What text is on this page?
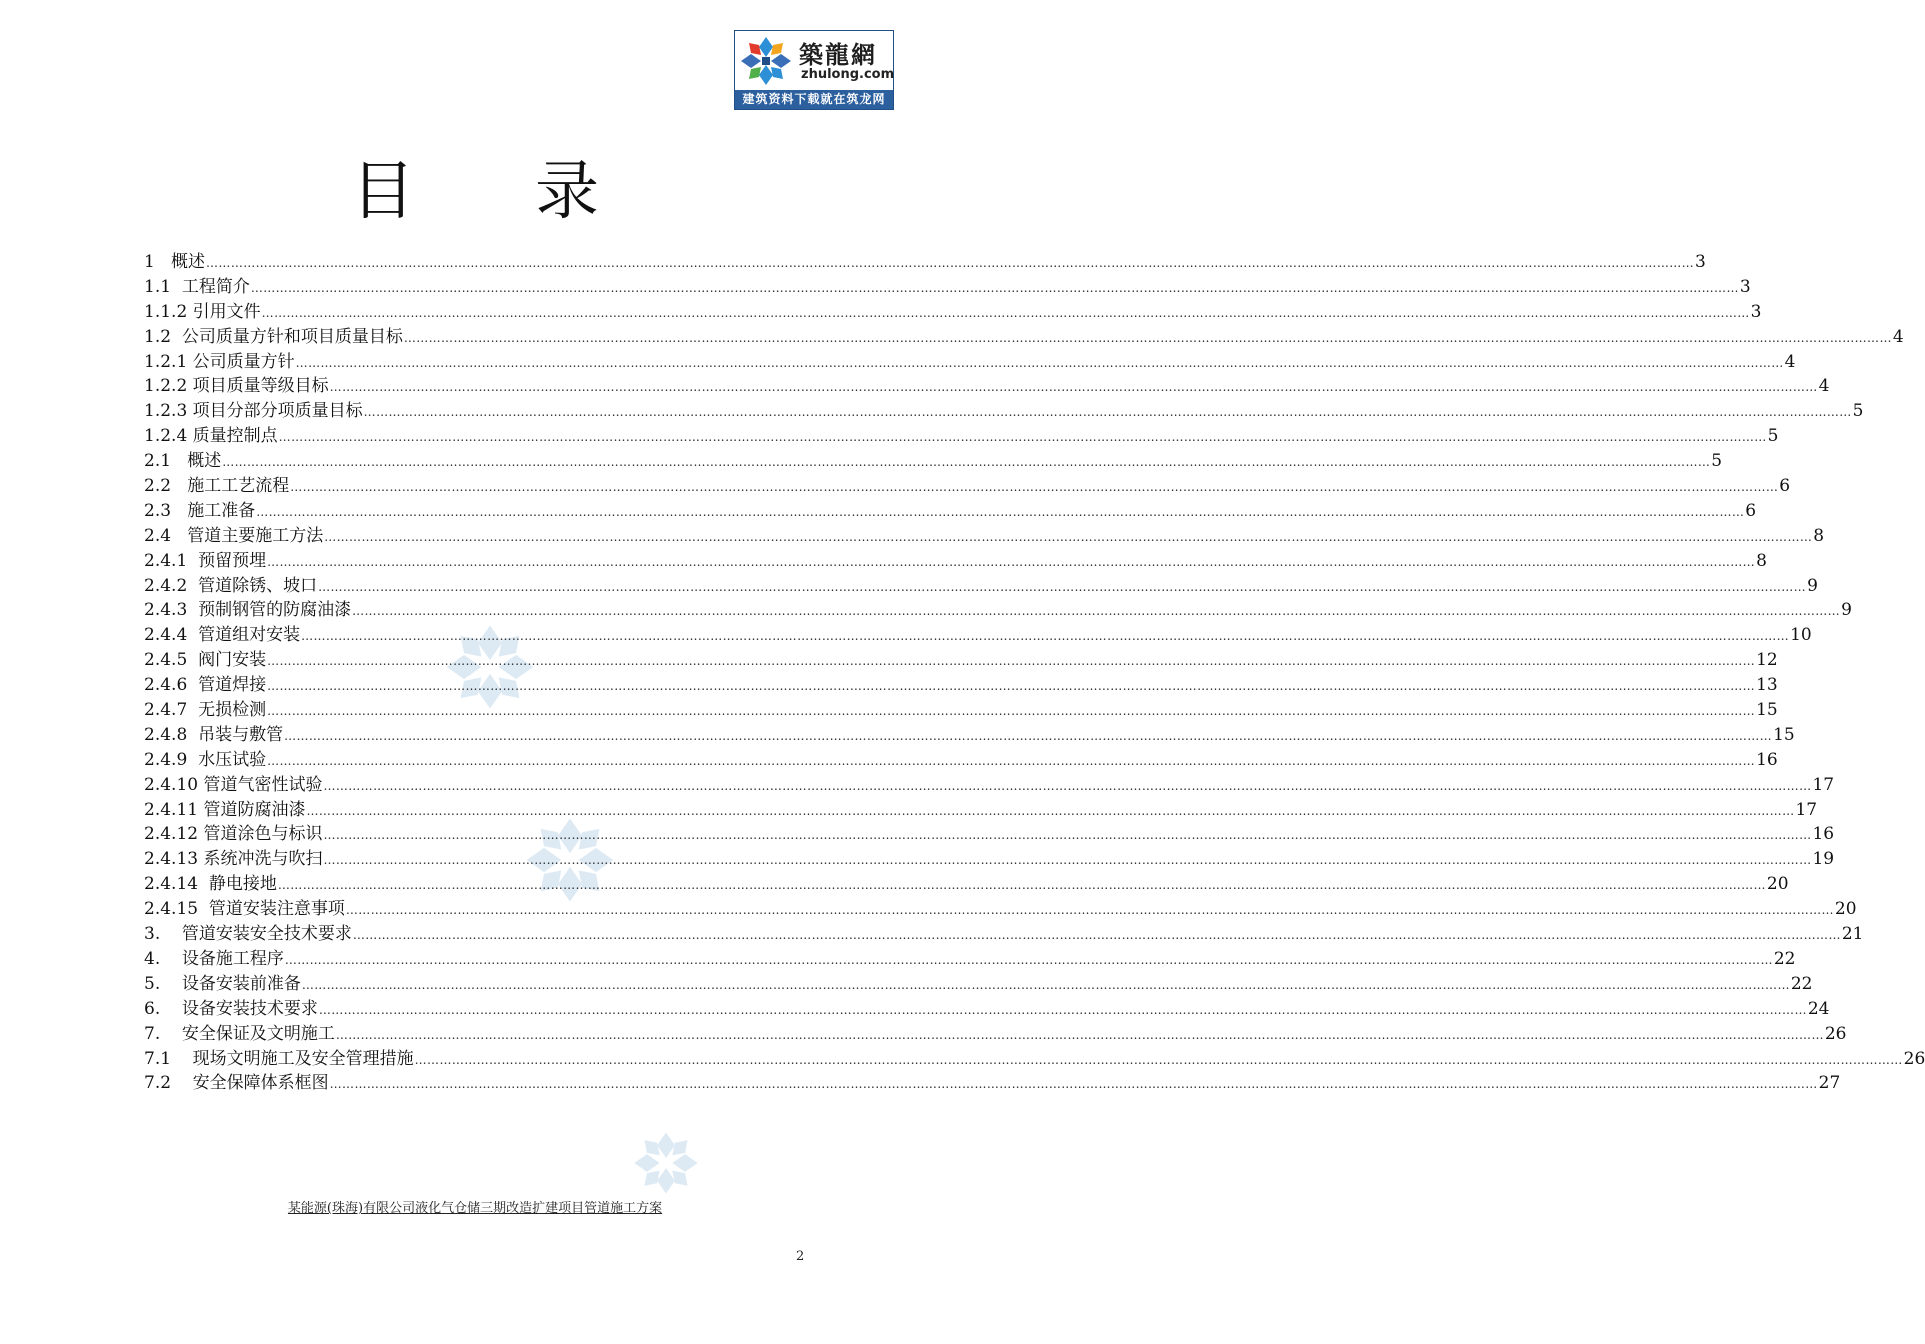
築龍網
zhulong.com
建筑资料下载就在筑龙网
目 录
1 概述 ……………………………………………………………………………………………………………………………………………………………………………………………………………………………………………………………………………………………………………………………… 3
1.1 工程简介 ……………………………………………………………………………………………………………………………………………………………………………………………………………………………………………………………………………………………………………………………… 3
1.1.2 引用文件 ……………………………………………………………………………………………………………………………………………………………………………………………………………………………………………………………………………………………………………………………… 3
1.2 公司质量方针和项目质量目标 ……………………………………………………………………………………………………………………………………………………………………………………………………………………………………………………………………………………………………………………………… 4
1.2.1 公司质量方针 ……………………………………………………………………………………………………………………………………………………………………………………………………………………………………………………………………………………………………………………………… 4
1.2.2 项目质量等级目标 ……………………………………………………………………………………………………………………………………………………………………………………………………………………………………………………………………………………………………………………………… 4
1.2.3 项目分部分项质量目标 ……………………………………………………………………………………………………………………………………………………………………………………………………………………………………………………………………………………………………………………………… 5
1.2.4 质量控制点 ……………………………………………………………………………………………………………………………………………………………………………………………………………………………………………………………………………………………………………………………… 5
2.1 概述 ……………………………………………………………………………………………………………………………………………………………………………………………………………………………………………………………………………………………………………………………… 5
2.2 施工工艺流程 ……………………………………………………………………………………………………………………………………………………………………………………………………………………………………………………………………………………………………………………………… 6
2.3 施工准备 ……………………………………………………………………………………………………………………………………………………………………………………………………………………………………………………………………………………………………………………………… 6
2.4 管道主要施工方法 ……………………………………………………………………………………………………………………………………………………………………………………………………………………………………………………………………………………………………………………………… 8
2.4.1 预留预埋 ……………………………………………………………………………………………………………………………………………………………………………………………………………………………………………………………………………………………………………………………… 8
2.4.2 管道除锈、坡口 ……………………………………………………………………………………………………………………………………………………………………………………………………………………………………………………………………………………………………………………………… 9
2.4.3 预制钢管的防腐油漆 ……………………………………………………………………………………………………………………………………………………………………………………………………………………………………………………………………………………………………………………………… 9
2.4.4 管道组对安装 ……………………………………………………………………………………………………………………………………………………………………………………………………………………………………………………………………………………………………………………………… 10
2.4.5 阀门安装 ……………………………………………………………………………………………………………………………………………………………………………………………………………………………………………………………………………………………………………………………… 12
2.4.6 管道焊接 ……………………………………………………………………………………………………………………………………………………………………………………………………………………………………………………………………………………………………………………………… 13
2.4.7 无损检测 ……………………………………………………………………………………………………………………………………………………………………………………………………………………………………………………………………………………………………………………………… 15
2.4.8 吊装与敷管 ……………………………………………………………………………………………………………………………………………………………………………………………………………………………………………………………………………………………………………………………… 15
2.4.9 水压试验 ……………………………………………………………………………………………………………………………………………………………………………………………………………………………………………………………………………………………………………………………… 16
2.4.10 管道气密性试验 ……………………………………………………………………………………………………………………………………………………………………………………………………………………………………………………………………………………………………………………………… 17
2.4.11 管道防腐油漆 ……………………………………………………………………………………………………………………………………………………………………………………………………………………………………………………………………………………………………………………………… 17
2.4.12 管道涂色与标识 ……………………………………………………………………………………………………………………………………………………………………………………………………………………………………………………………………………………………………………………………… 16
2.4.13 系统冲洗与吹扫 ……………………………………………………………………………………………………………………………………………………………………………………………………………………………………………………………………………………………………………………………… 19
2.4.14 静电接地 ……………………………………………………………………………………………………………………………………………………………………………………………………………………………………………………………………………………………………………………………… 20
2.4.15 管道安装注意事项 ……………………………………………………………………………………………………………………………………………………………………………………………………………………………………………………………………………………………………………………………… 20
3. 管道安装安全技术要求 ……………………………………………………………………………………………………………………………………………………………………………………………………………………………………………………………………………………………………………………………… 21
4. 设备施工程序 ……………………………………………………………………………………………………………………………………………………………………………………………………………………………………………………………………………………………………………………………… 22
5. 设备安装前准备 ……………………………………………………………………………………………………………………………………………………………………………………………………………………………………………………………………………………………………………………………… 22
6. 设备安装技术要求 ……………………………………………………………………………………………………………………………………………………………………………………………………………………………………………………………………………………………………………………………… 24
7. 安全保证及文明施工 ……………………………………………………………………………………………………………………………………………………………………………………………………………………………………………………………………………………………………………………………… 26
7.1 现场文明施工及安全管理措施 ……………………………………………………………………………………………………………………………………………………………………………………………………………………………………………………………………………………………………………………………… 26
7.2 安全保障体系框图 ……………………………………………………………………………………………………………………………………………………………………………………………………………………………………………………………………………………………………………………………… 27
某能源(珠海)有限公司液化气仓储三期改造扩建项目管道施工方案
2
